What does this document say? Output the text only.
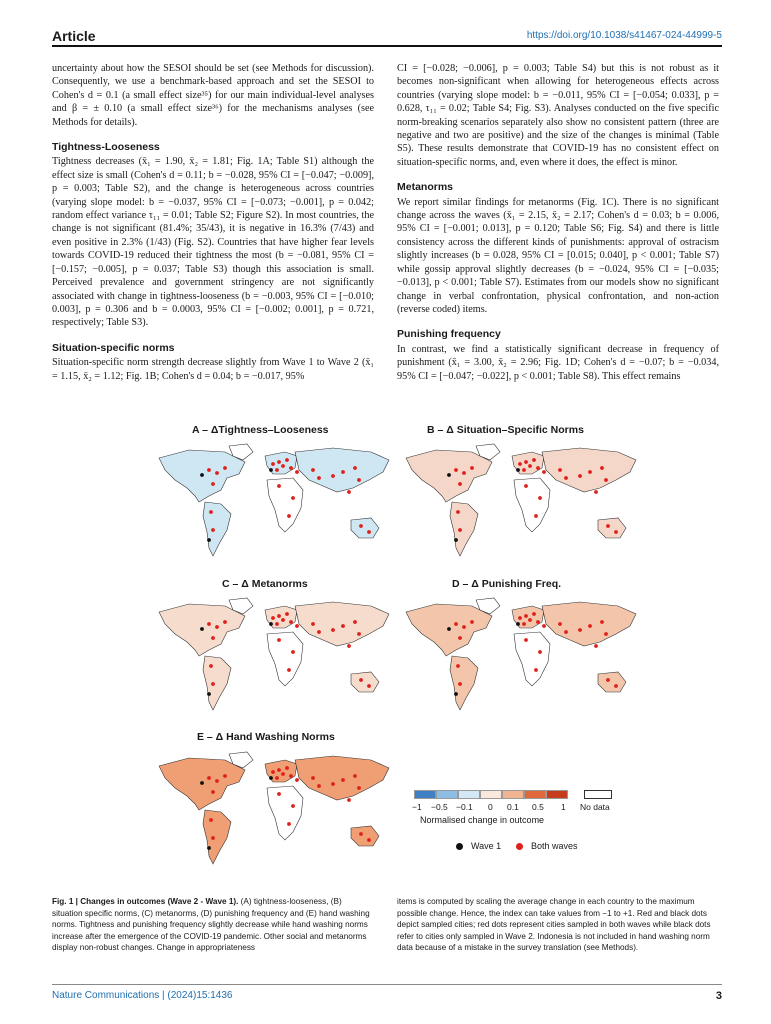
Article	https://doi.org/10.1038/s41467-024-44999-5

uncertainty about how the SESOI should be set (see Methods for discussion). Consequently, we use a benchmark-based approach and set the SESOI to Cohen's d = 0.1 (a small effect size³⁵) for our main individual-level analyses and β = ± 0.10 (a small effect size³⁶) for the mechanisms analyses (see Methods for details).

Tightness-Looseness

Tightness decreases (x̄₁ = 1.90, x̄₂ = 1.81; Fig. 1A; Table S1) although the effect size is small (Cohen's d = 0.11; b = −0.028, 95% CI = [−0.047; −0.009], p = 0.003; Table S2), and the change is heterogeneous across countries (varying slope model: b = −0.037, 95% CI = [−0.073; −0.001], p = 0.042; random effect variance τ₁₁ = 0.01; Table S2; Figure S2). In most countries, the change is not significant (81.4%; 35/43), it is negative in 16.3% (7/43) and even positive in 2.3% (1/43) (Fig. S2). Countries that have higher fear levels towards COVID-19 reduced their tightness the most (b = −0.081, 95% CI = [−0.157; −0.005], p = 0.037; Table S3) though this association is small. Perceived prevalence and government stringency are not significantly associated with change in tightness-looseness (b = −0.003, 95% CI = [−0.010; 0.003], p = 0.306 and b = 0.0003, 95% CI = [−0.002; 0.001], p = 0.721, respectively; Table S3).

Situation-specific norms

Situation-specific norm strength decrease slightly from Wave 1 to Wave 2 (x̄₁ = 1.15, x̄₂ = 1.12; Fig. 1B; Cohen's d = 0.04; b = −0.017, 95%

CI = [−0.028; −0.006], p = 0.003; Table S4) but this is not robust as it becomes non-significant when allowing for heterogeneous effects across countries (varying slope model: b = −0.011, 95% CI = [−0.054; 0.033], p = 0.628, τ₁₁ = 0.02; Table S4; Fig. S3). Analyses conducted on the five specific norm-breaking scenarios separately also show no consistent pattern (three are negative and two are positive) and the size of the changes is minimal (Table S5). These results demonstrate that COVID-19 has no consistent effect on situation-specific norms, and, even where it does, the effect is minor.

Metanorms

We report similar findings for metanorms (Fig. 1C). There is no significant change across the waves (x̄₁ = 2.15, x̄₂ = 2.17; Cohen's d = 0.03; b = 0.006, 95% CI = [−0.001; 0.013], p = 0.120; Table S6; Fig. S4) and there is little consistency across the different kinds of punishments: approval of ostracism slightly increases (b = 0.028, 95% CI = [0.015; 0.040], p < 0.001; Table S7) while gossip approval slightly decreases (b = −0.024, 95% CI = [−0.035; −0.013], p < 0.001; Table S7). Estimates from our models show no significant change in verbal confrontation, physical confrontation, and non-action (reverse coded) items.

Punishing frequency

In contrast, we find a statistically significant decrease in frequency of punishment (x̄₁ = 3.00, x̄₂ = 2.96; Fig. 1D; Cohen's d = −0.07; b = −0.034, 95% CI = [−0.047; −0.022], p < 0.001; Table S8). This effect remains

A – ΔTightness–Looseness	B – Δ Situation–Specific Norms
C – Δ Metanorms	D – Δ Punishing Freq.
E – Δ Hand Washing Norms
−1 −0.5 −0.1 0 0.1 0.5 1 No data
Normalised change in outcome
Wave 1	Both waves
Fig. 1 | Changes in outcomes (Wave 2 - Wave 1). (A) tightness-looseness, (B) situation specific norms, (C) metanorms, (D) punishing frequency and (E) hand washing norms. Tightness and punishing frequency slightly decrease while hand washing norms increase after the emergence of the COVID-19 pandemic. Other social and metanorms display non-robust changes. Change in appropriateness
items is computed by scaling the average change in each country to the maximum possible change. Hence, the index can take values from −1 to +1. Red and black dots depict sampled cities; red dots represent cities sampled in both waves while black dots refer to cities only sampled in Wave 2. Indonesia is not included in hand washing norm data because of a mistake in the survey translation (see Methods).
Nature Communications | (2024)15:1436	3
